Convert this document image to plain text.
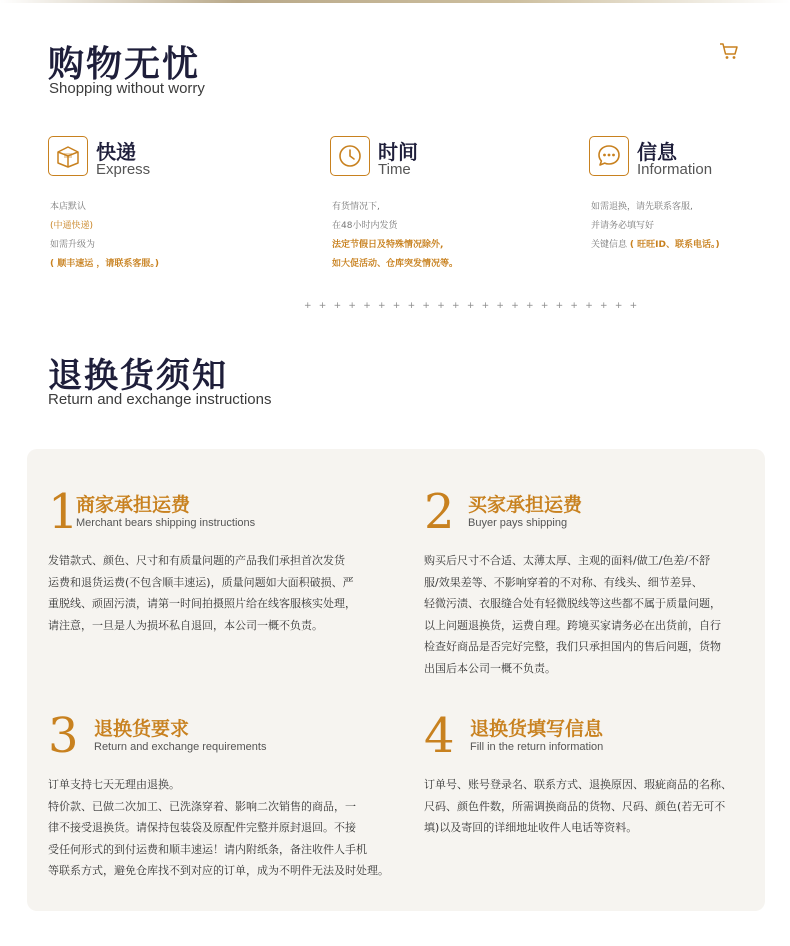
购物无忧
Shopping without worry
快递
Express
本店默认
(中通快递)
如需升级为
( 顺丰速运 ，请联系客服。)
时间
Time
有货情况下,
在48小时内发货
法定节假日及特殊情况除外,
如大促活动、仓库突发情况等。
信息
Information
如需退换，请先联系客服,
并请务必填写好
关键信息 ( 旺旺ID、联系电话。)
+ + + + + + + + + + + + + + + + + + + + + + +
退换货须知
Return and exchange instructions
1
商家承担运费
Merchant bears shipping instructions
发错款式、颜色、尺寸和有质量问题的产品我们承担首次发货
运费和退货运费(不包含顺丰速运)，质量问题如大面积破损、严
重脱线、顽固污渍，请第一时间拍摄照片给在线客服核实处理，
请注意，一旦是人为损坏私自退回，本公司一概不负责。
2 买家承担运费
Buyer pays shipping
购买后尺寸不合适、太薄太厚、主观的面料/做工/色差/不舒
服/效果差等、不影响穿着的不对称、有线头、细节差异、
轻微污渍、衣服缝合处有轻微脱线等这些都不属于质量问题，
以上问题退换货，运费自理。跨境买家请务必在出货前，自行
检查好商品是否完好完整，我们只承担国内的售后问题，货物
出国后本公司一概不负责。
3 退换货要求
Return and exchange requirements
订单支持七天无理由退换。
特价款、已做二次加工、已洗涤穿着、影响二次销售的商品，一
律不接受退换货。请保持包装袋及原配件完整并原封退回。不接
受任何形式的到付运费和顺丰速运！请内附纸条，备注收件人手机
等联系方式，避免仓库找不到对应的订单，成为不明件无法及时处理。
4 退换货填写信息
Fill in the return information
订单号、账号登录名、联系方式、退换原因、瑕疵商品的名称、
尺码、颜色件数，所需调换商品的货物、尺码、颜色(若无可不
填)以及寄回的详细地址收件人电话等资料。
